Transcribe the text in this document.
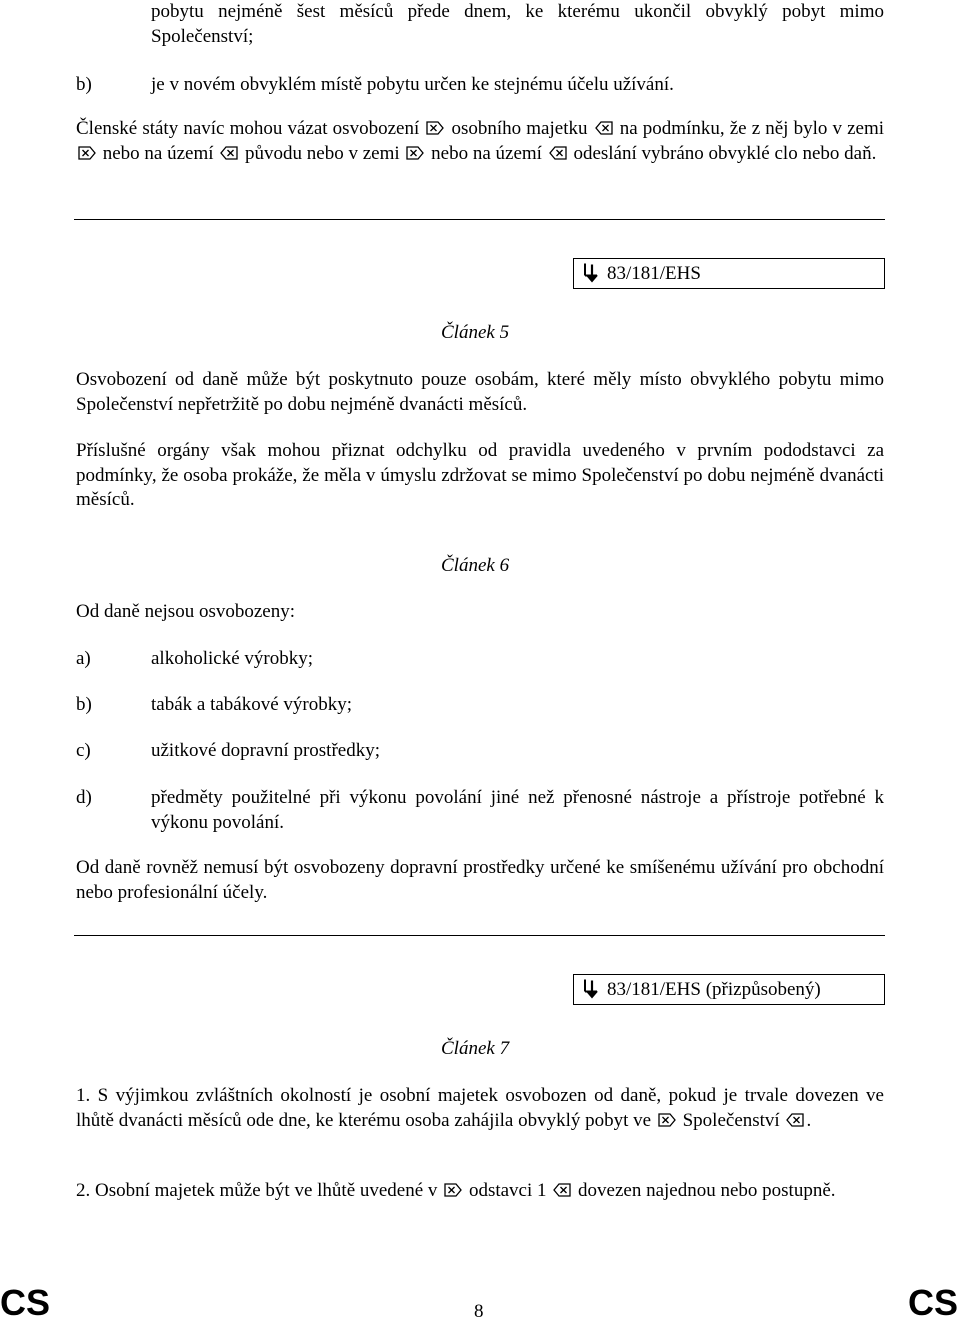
pobytu nejméně šest měsíců přede dnem, ke kterému ukončil obvyklý pobyt mimo Společenství;
b)	je v novém obvyklém místě pobytu určen ke stejnému účelu užívání.
Členské státy navíc mohou vázat osvobození osobního majetku na podmínku, že z něj bylo v zemi  nebo na území původu nebo v zemi nebo na území odeslání vybráno obvyklé clo nebo daň.
83/181/EHS
Článek 5
Osvobození od daně může být poskytnuto pouze osobám, které měly místo obvyklého pobytu mimo Společenství nepřetržitě po dobu nejméně dvanácti měsíců.
Příslušné orgány však mohou přiznat odchylku od pravidla uvedeného v prvním pododstavci za podmínky, že osoba prokáže, že měla v úmyslu zdržovat se mimo Společenství po dobu nejméně dvanácti měsíců.
Článek 6
Od daně nejsou osvobozeny:
a)	alkoholické výrobky;
b)	tabák a tabákové výrobky;
c)	užitkové dopravní prostředky;
d)	předměty použitelné při výkonu povolání jiné než přenosné nástroje a přístroje potřebné k výkonu povolání.
Od daně rovněž nemusí být osvobozeny dopravní prostředky určené ke smíšenému užívání pro obchodní nebo profesionální účely.
83/181/EHS (přizpůsobený)
Článek 7
1. S výjimkou zvláštních okolností je osobní majetek osvobozen od daně, pokud je trvale dovezen ve lhůtě dvanácti měsíců ode dne, ke kterému osoba zahájila obvyklý pobyt ve Společenství .
2. Osobní majetek může být ve lhůtě uvedené v odstavci 1 dovezen najednou nebo postupně.
CS	8	CS
